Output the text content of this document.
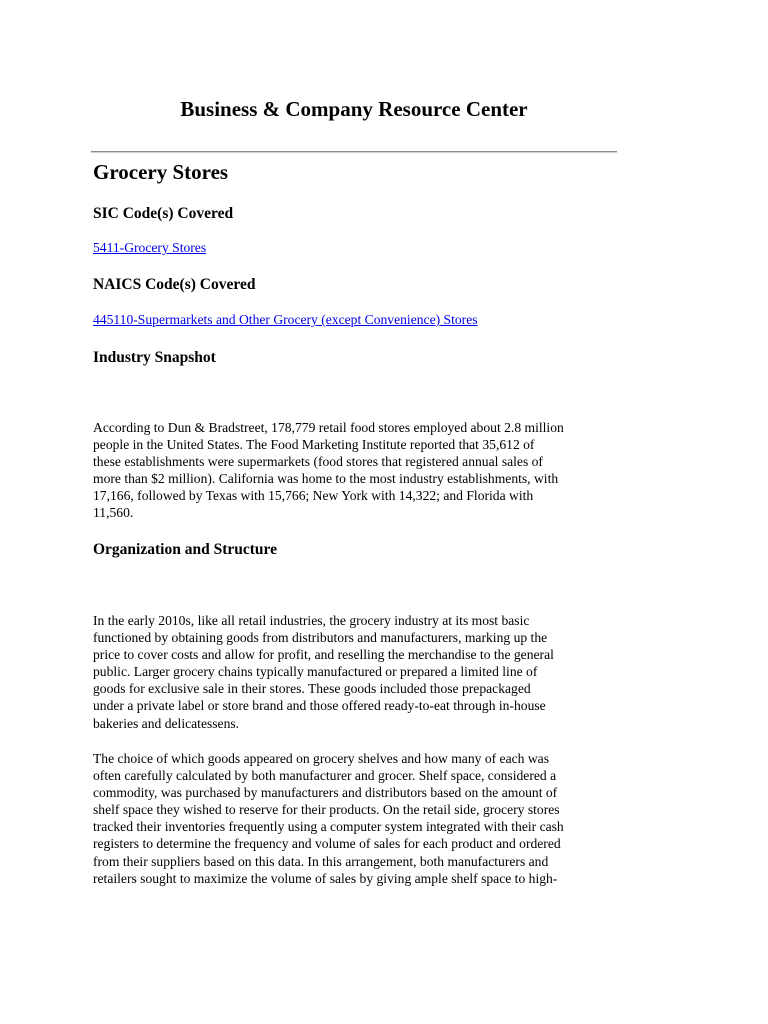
Business & Company Resource Center
Grocery Stores
SIC Code(s) Covered
5411-Grocery Stores
NAICS Code(s) Covered
445110-Supermarkets and Other Grocery (except Convenience) Stores
Industry Snapshot

According to Dun & Bradstreet, 178,779 retail food stores employed about 2.8 million
people in the United States. The Food Marketing Institute reported that 35,612 of
these establishments were supermarkets (food stores that registered annual sales of
more than $2 million). California was home to the most industry establishments, with
17,166, followed by Texas with 15,766; New York with 14,322; and Florida with
11,560.

Organization and Structure

In the early 2010s, like all retail industries, the grocery industry at its most basic
functioned by obtaining goods from distributors and manufacturers, marking up the
price to cover costs and allow for profit, and reselling the merchandise to the general
public. Larger grocery chains typically manufactured or prepared a limited line of
goods for exclusive sale in their stores. These goods included those prepackaged
under a private label or store brand and those offered ready-to-eat through in-house
bakeries and delicatessens.

The choice of which goods appeared on grocery shelves and how many of each was
often carefully calculated by both manufacturer and grocer. Shelf space, considered a
commodity, was purchased by manufacturers and distributors based on the amount of
shelf space they wished to reserve for their products. On the retail side, grocery stores
tracked their inventories frequently using a computer system integrated with their cash
registers to determine the frequency and volume of sales for each product and ordered
from their suppliers based on this data. In this arrangement, both manufacturers and
retailers sought to maximize the volume of sales by giving ample shelf space to high-
